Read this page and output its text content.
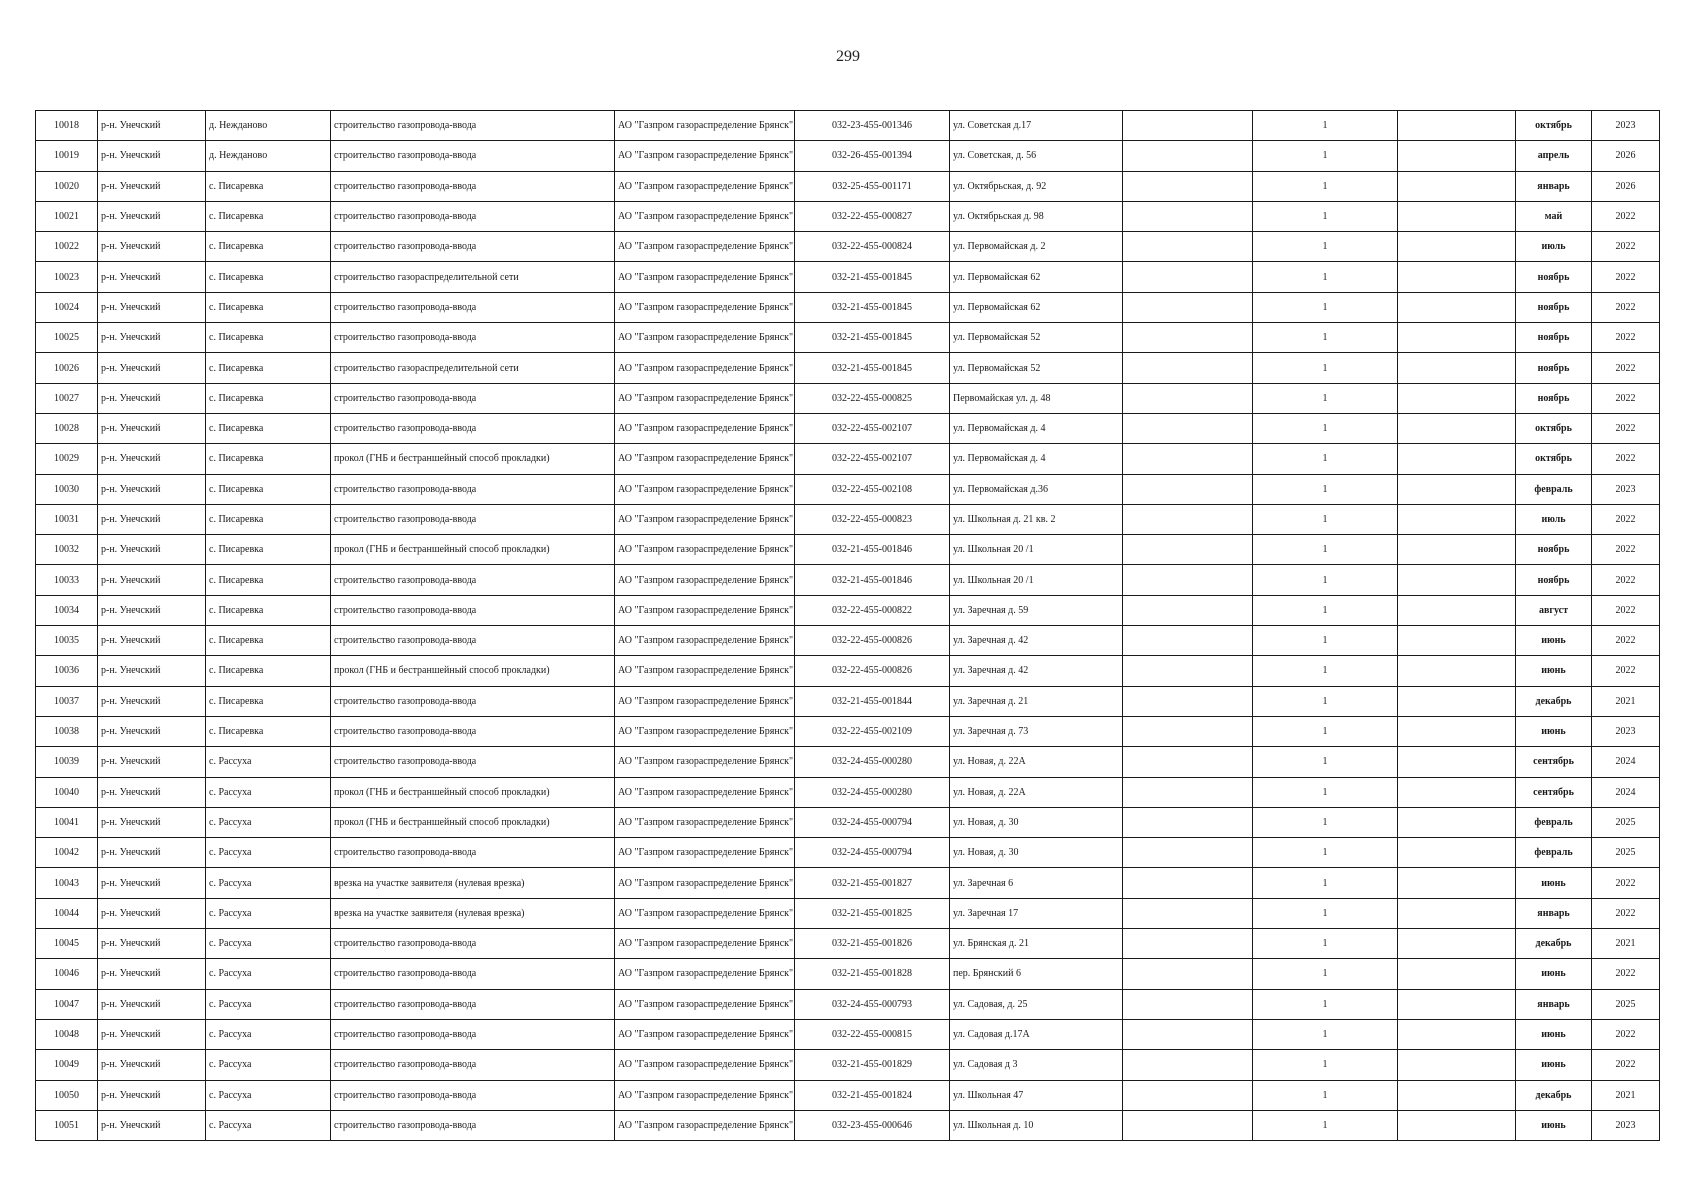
299
10018	р-н. Унечский	д. Нежданово	строительство газопровода-ввода	АО "Газпром газораспределение Брянск"	032-23-455-001346	ул. Советская д.17		1		октябрь	2023
10019	р-н. Унечский	д. Нежданово	строительство газопровода-ввода	АО "Газпром газораспределение Брянск"	032-26-455-001394	ул. Советская, д. 56		1		апрель	2026
10020	р-н. Унечский	с. Писаревка	строительство газопровода-ввода	АО "Газпром газораспределение Брянск"	032-25-455-001171	ул. Октябрьская, д. 92		1		январь	2026
10021	р-н. Унечский	с. Писаревка	строительство газопровода-ввода	АО "Газпром газораспределение Брянск"	032-22-455-000827	ул. Октябрьская д. 98		1		май	2022
10022	р-н. Унечский	с. Писаревка	строительство газопровода-ввода	АО "Газпром газораспределение Брянск"	032-22-455-000824	ул. Первомайская д. 2		1		июль	2022
10023	р-н. Унечский	с. Писаревка	строительство газораспределительной сети	АО "Газпром газораспределение Брянск"	032-21-455-001845	ул. Первомайская 62		1		ноябрь	2022
10024	р-н. Унечский	с. Писаревка	строительство газопровода-ввода	АО "Газпром газораспределение Брянск"	032-21-455-001845	ул. Первомайская 62		1		ноябрь	2022
10025	р-н. Унечский	с. Писаревка	строительство газопровода-ввода	АО "Газпром газораспределение Брянск"	032-21-455-001845	ул. Первомайская 52		1		ноябрь	2022
10026	р-н. Унечский	с. Писаревка	строительство газораспределительной сети	АО "Газпром газораспределение Брянск"	032-21-455-001845	ул. Первомайская 52		1		ноябрь	2022
10027	р-н. Унечский	с. Писаревка	строительство газопровода-ввода	АО "Газпром газораспределение Брянск"	032-22-455-000825	Первомайская ул. д. 48		1		ноябрь	2022
10028	р-н. Унечский	с. Писаревка	строительство газопровода-ввода	АО "Газпром газораспределение Брянск"	032-22-455-002107	ул. Первомайская д. 4		1		октябрь	2022
10029	р-н. Унечский	с. Писаревка	прокол (ГНБ и бестраншейный способ прокладки)	АО "Газпром газораспределение Брянск"	032-22-455-002107	ул. Первомайская д. 4		1		октябрь	2022
10030	р-н. Унечский	с. Писаревка	строительство газопровода-ввода	АО "Газпром газораспределение Брянск"	032-22-455-002108	ул. Первомайская д.36		1		февраль	2023
10031	р-н. Унечский	с. Писаревка	строительство газопровода-ввода	АО "Газпром газораспределение Брянск"	032-22-455-000823	ул. Школьная д. 21 кв. 2		1		июль	2022
10032	р-н. Унечский	с. Писаревка	прокол (ГНБ и бестраншейный способ прокладки)	АО "Газпром газораспределение Брянск"	032-21-455-001846	ул. Школьная 20 /1		1		ноябрь	2022
10033	р-н. Унечский	с. Писаревка	строительство газопровода-ввода	АО "Газпром газораспределение Брянск"	032-21-455-001846	ул. Школьная 20 /1		1		ноябрь	2022
10034	р-н. Унечский	с. Писаревка	строительство газопровода-ввода	АО "Газпром газораспределение Брянск"	032-22-455-000822	ул. Заречная д. 59		1		август	2022
10035	р-н. Унечский	с. Писаревка	строительство газопровода-ввода	АО "Газпром газораспределение Брянск"	032-22-455-000826	ул. Заречная д. 42		1		июнь	2022
10036	р-н. Унечский	с. Писаревка	прокол (ГНБ и бестраншейный способ прокладки)	АО "Газпром газораспределение Брянск"	032-22-455-000826	ул. Заречная д. 42		1		июнь	2022
10037	р-н. Унечский	с. Писаревка	строительство газопровода-ввода	АО "Газпром газораспределение Брянск"	032-21-455-001844	ул. Заречная д. 21		1		декабрь	2021
10038	р-н. Унечский	с. Писаревка	строительство газопровода-ввода	АО "Газпром газораспределение Брянск"	032-22-455-002109	ул. Заречная д. 73		1		июнь	2023
10039	р-н. Унечский	с. Рассуха	строительство газопровода-ввода	АО "Газпром газораспределение Брянск"	032-24-455-000280	ул. Новая, д. 22А		1		сентябрь	2024
10040	р-н. Унечский	с. Рассуха	прокол (ГНБ и бестраншейный способ прокладки)	АО "Газпром газораспределение Брянск"	032-24-455-000280	ул. Новая, д. 22А		1		сентябрь	2024
10041	р-н. Унечский	с. Рассуха	прокол (ГНБ и бестраншейный способ прокладки)	АО "Газпром газораспределение Брянск"	032-24-455-000794	ул. Новая, д. 30		1		февраль	2025
10042	р-н. Унечский	с. Рассуха	строительство газопровода-ввода	АО "Газпром газораспределение Брянск"	032-24-455-000794	ул. Новая, д. 30		1		февраль	2025
10043	р-н. Унечский	с. Рассуха	врезка на участке заявителя (нулевая врезка)	АО "Газпром газораспределение Брянск"	032-21-455-001827	ул. Заречная 6		1		июнь	2022
10044	р-н. Унечский	с. Рассуха	врезка на участке заявителя (нулевая врезка)	АО "Газпром газораспределение Брянск"	032-21-455-001825	ул. Заречная 17		1		январь	2022
10045	р-н. Унечский	с. Рассуха	строительство газопровода-ввода	АО "Газпром газораспределение Брянск"	032-21-455-001826	ул. Брянская д. 21		1		декабрь	2021
10046	р-н. Унечский	с. Рассуха	строительство газопровода-ввода	АО "Газпром газораспределение Брянск"	032-21-455-001828	пер. Брянский 6		1		июнь	2022
10047	р-н. Унечский	с. Рассуха	строительство газопровода-ввода	АО "Газпром газораспределение Брянск"	032-24-455-000793	ул. Садовая, д. 25		1		январь	2025
10048	р-н. Унечский	с. Рассуха	строительство газопровода-ввода	АО "Газпром газораспределение Брянск"	032-22-455-000815	ул. Садовая д.17А		1		июнь	2022
10049	р-н. Унечский	с. Рассуха	строительство газопровода-ввода	АО "Газпром газораспределение Брянск"	032-21-455-001829	ул. Садовая д 3		1		июнь	2022
10050	р-н. Унечский	с. Рассуха	строительство газопровода-ввода	АО "Газпром газораспределение Брянск"	032-21-455-001824	ул. Школьная 47		1		декабрь	2021
10051	р-н. Унечский	с. Рассуха	строительство газопровода-ввода	АО "Газпром газораспределение Брянск"	032-23-455-000646	ул. Школьная д. 10		1		июнь	2023
